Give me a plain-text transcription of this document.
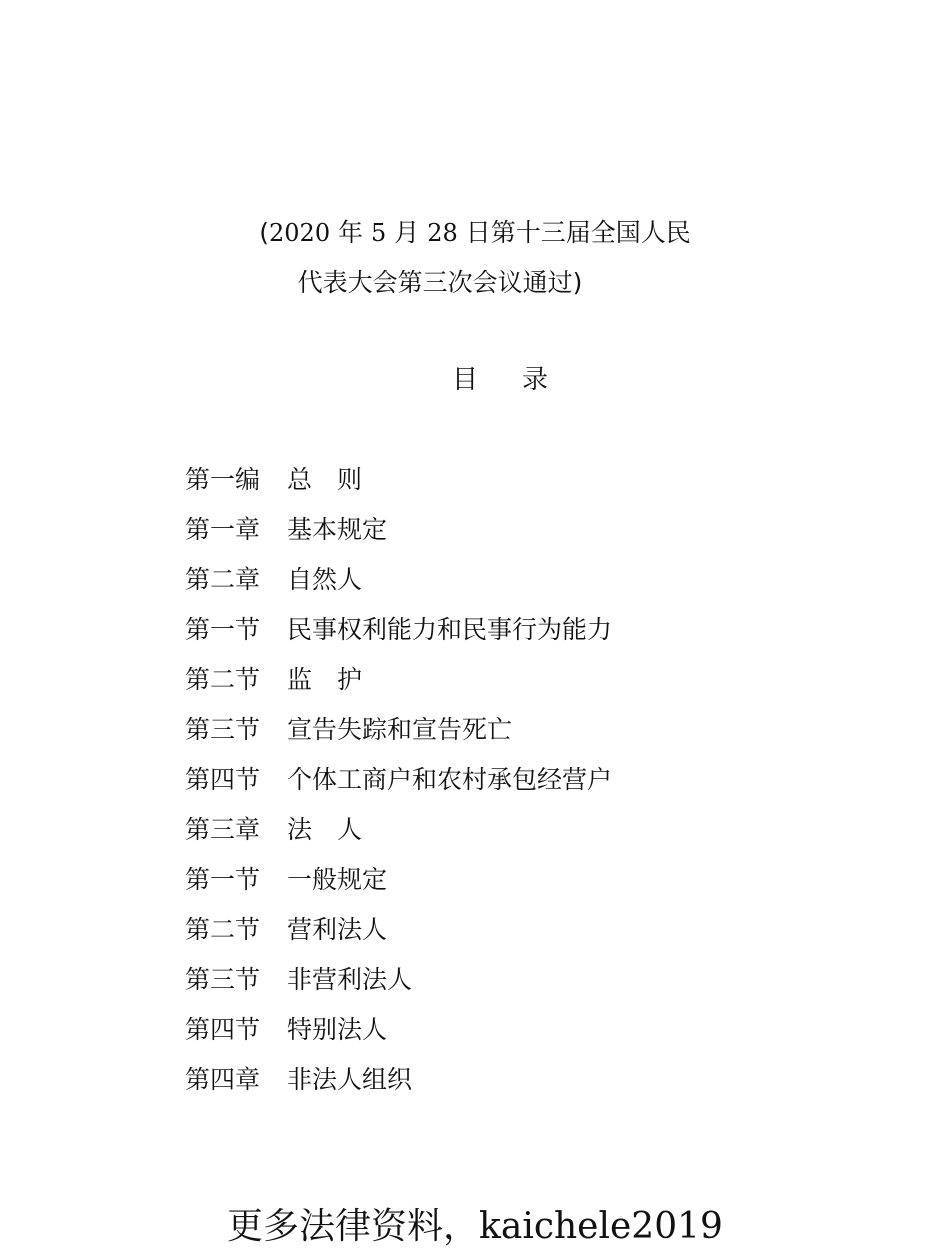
(2020 年 5 月 28 日第十三届全国人民
代表大会第三次会议通过)
目 录
第一编	总　则
第一章	基本规定
第二章	自然人
第一节	民事权利能力和民事行为能力
第二节	监　护
第三节	宣告失踪和宣告死亡
第四节	个体工商户和农村承包经营户
第三章	法　人
第一节	一般规定
第二节	营利法人
第三节	非营利法人
第四节	特别法人
第四章	非法人组织
更多法律资料，kaichele2019
